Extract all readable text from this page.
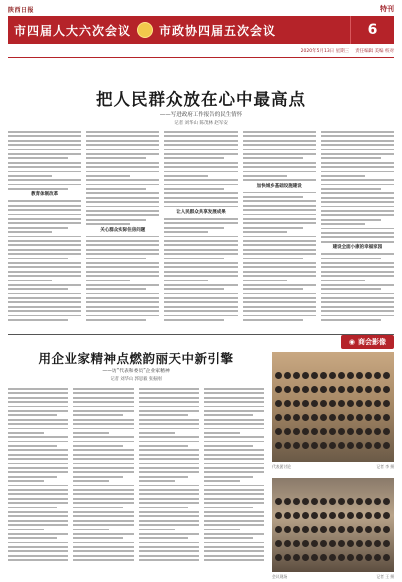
陕西日报	特刊
市四届人大六次会议 市政协四届五次会议	6
2020年5月13日 星期三 责任编辑 美编 校对
把人民群众放在心中最高点
——写进政府工作报告的民生情怀
记者 刘华山 陈茂林 赵军安
教育体制改革
关心群众实际住房问题
让人民群众共享发展成果
加快城乡基础设施建设
建设全面小康的幸福家园
用企业家精神点燃韵丽天中新引擎
——访“代表和委员”企业家精神
记者 刘华山 郭思毅 张振刚
◉ 商会影像
代表团讨论	记者 李 摄
会议现场	记者 王 摄
